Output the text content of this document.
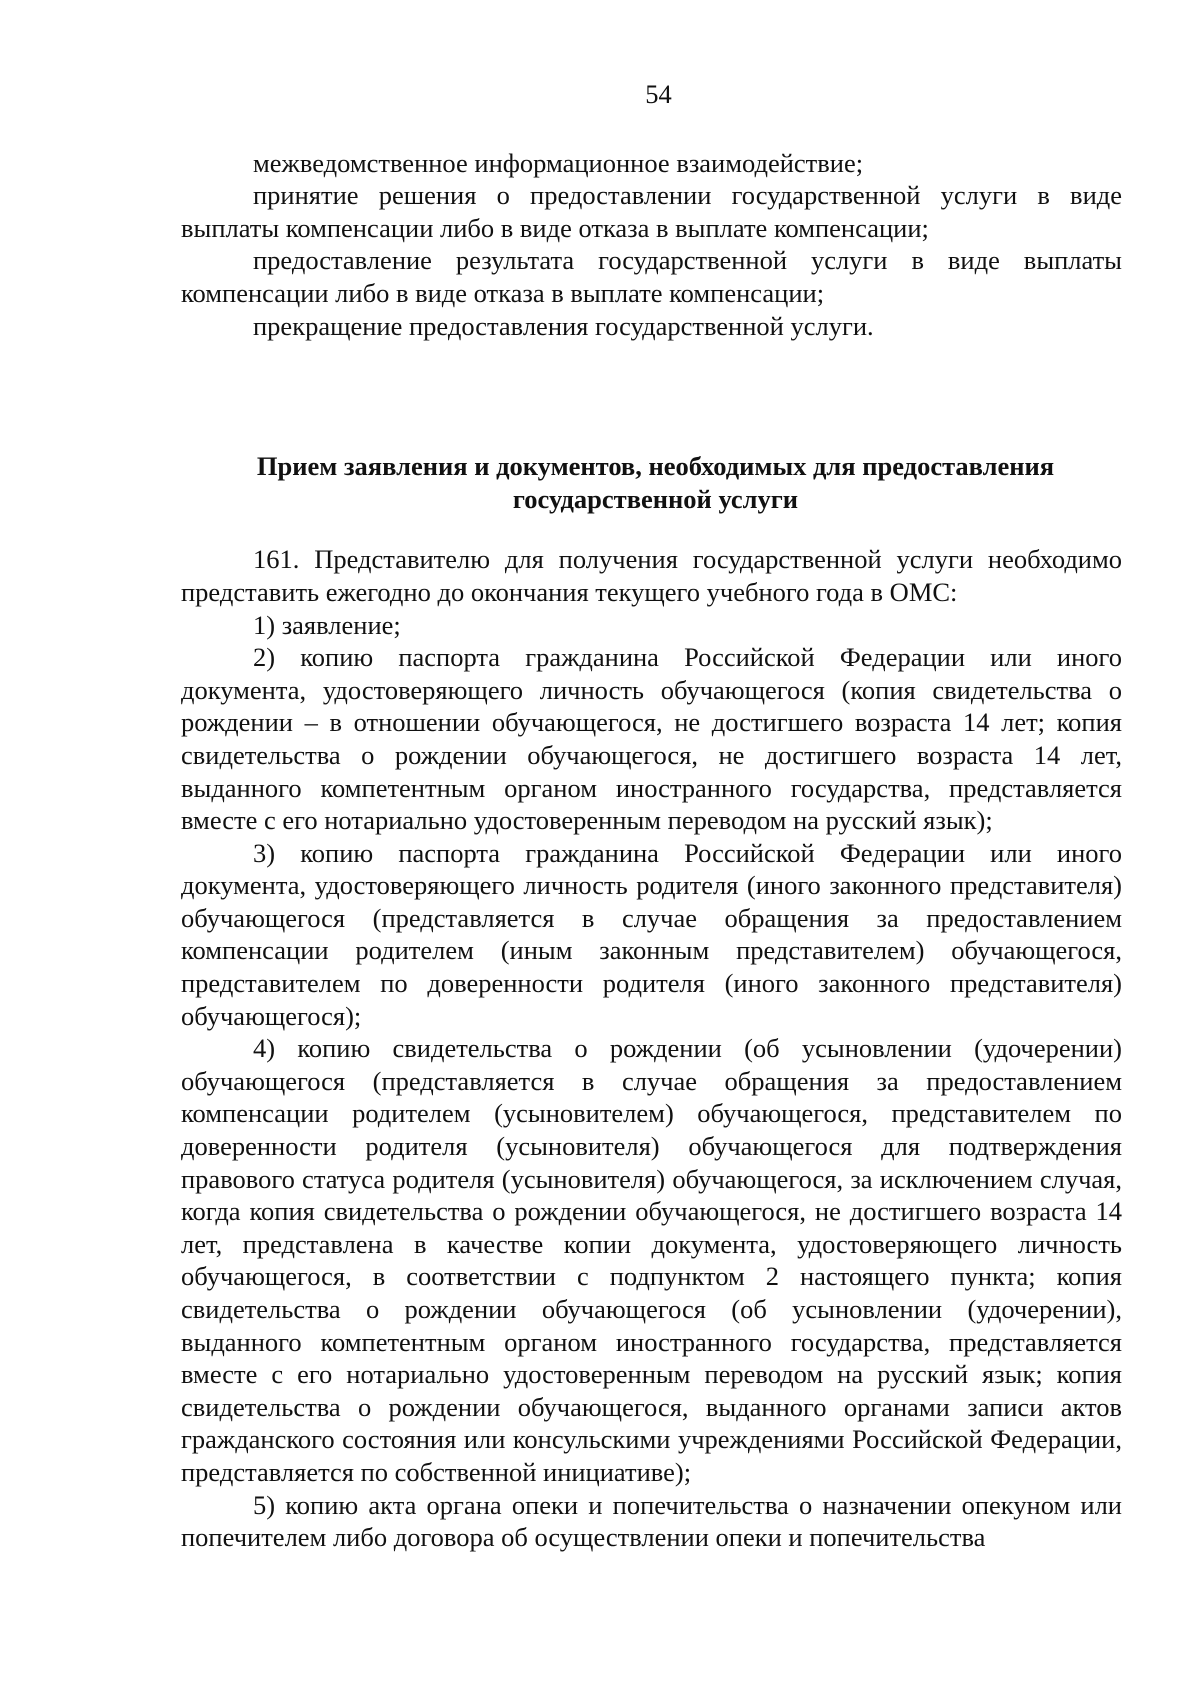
54

межведомственное информационное взаимодействие;

принятие решения о предоставлении государственной услуги в виде выплаты компенсации либо в виде отказа в выплате компенсации;

предоставление результата государственной услуги в виде выплаты компенсации либо в виде отказа в выплате компенсации;

прекращение предоставления государственной услуги.

Прием заявления и документов, необходимых для предоставления
государственной услуги

161. Представителю для получения государственной услуги необходимо представить ежегодно до окончания текущего учебного года в ОМС:

1) заявление;

2) копию паспорта гражданина Российской Федерации или иного документа, удостоверяющего личность обучающегося (копия свидетельства о рождении – в отношении обучающегося, не достигшего возраста 14 лет; копия свидетельства о рождении обучающегося, не достигшего возраста 14 лет, выданного компетентным органом иностранного государства, представляется вместе с его нотариально удостоверенным переводом на русский язык);

3) копию паспорта гражданина Российской Федерации или иного документа, удостоверяющего личность родителя (иного законного представителя) обучающегося (представляется в случае обращения за предоставлением компенсации родителем (иным законным представителем) обучающегося, представителем по доверенности родителя (иного законного представителя) обучающегося);

4) копию свидетельства о рождении (об усыновлении (удочерении) обучающегося (представляется в случае обращения за предоставлением компенсации родителем (усыновителем) обучающегося, представителем по доверенности родителя (усыновителя) обучающегося для подтверждения правового статуса родителя (усыновителя) обучающегося, за исключением случая, когда копия свидетельства о рождении обучающегося, не достигшего возраста 14 лет, представлена в качестве копии документа, удостоверяющего личность обучающегося, в соответствии с подпунктом 2 настоящего пункта; копия свидетельства о рождении обучающегося (об усыновлении (удочерении), выданного компетентным органом иностранного государства, представляется вместе с его нотариально удостоверенным переводом на русский язык; копия свидетельства о рождении обучающегося, выданного органами записи актов гражданского состояния или консульскими учреждениями Российской Федерации, представляется по собственной инициативе);

5) копию акта органа опеки и попечительства о назначении опекуном или попечителем либо договора об осуществлении опеки и попечительства
